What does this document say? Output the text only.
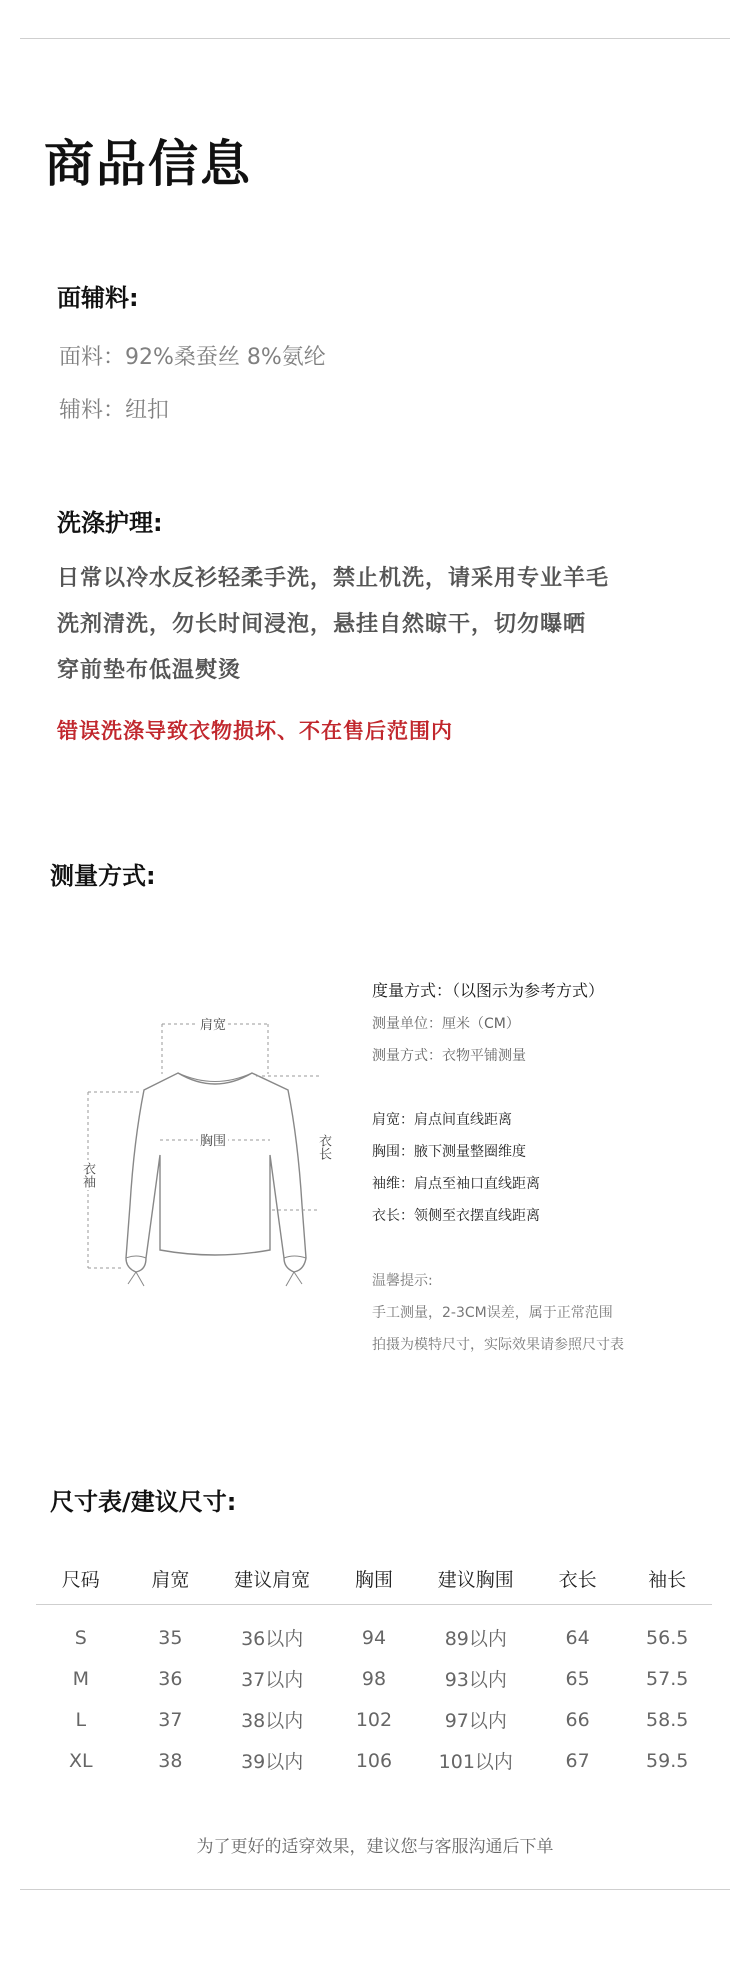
商品信息
面辅料:
面料：92%桑蚕丝 8%氨纶
辅料：纽扣
洗涤护理:
日常以冷水反衫轻柔手洗，禁止机洗，请采用专业羊毛
洗剂清洗，勿长时间浸泡，悬挂自然晾干，切勿曝晒
穿前垫布低温熨烫
错误洗涤导致衣物损坏、不在售后范围内
测量方式:
肩宽
胸围
衣袖
衣长
度量方式：（以图示为参考方式）
测量单位：厘米（CM）
测量方式：衣物平铺测量
肩宽：肩点间直线距离
胸围：腋下测量整圈维度
袖维：肩点至袖口直线距离
衣长：领侧至衣摆直线距离
温馨提示:
手工测量，2-3CM误差，属于正常范围
拍摄为模特尺寸，实际效果请参照尺寸表
尺寸表/建议尺寸:
尺码	肩宽	建议肩宽	胸围	建议胸围	衣长	袖长

S	35	36以内	94	89以内	64	56.5
M	36	37以内	98	93以内	65	57.5
L	37	38以内	102	97以内	66	58.5
XL	38	39以内	106	101以内	67	59.5
为了更好的适穿效果，建议您与客服沟通后下单
